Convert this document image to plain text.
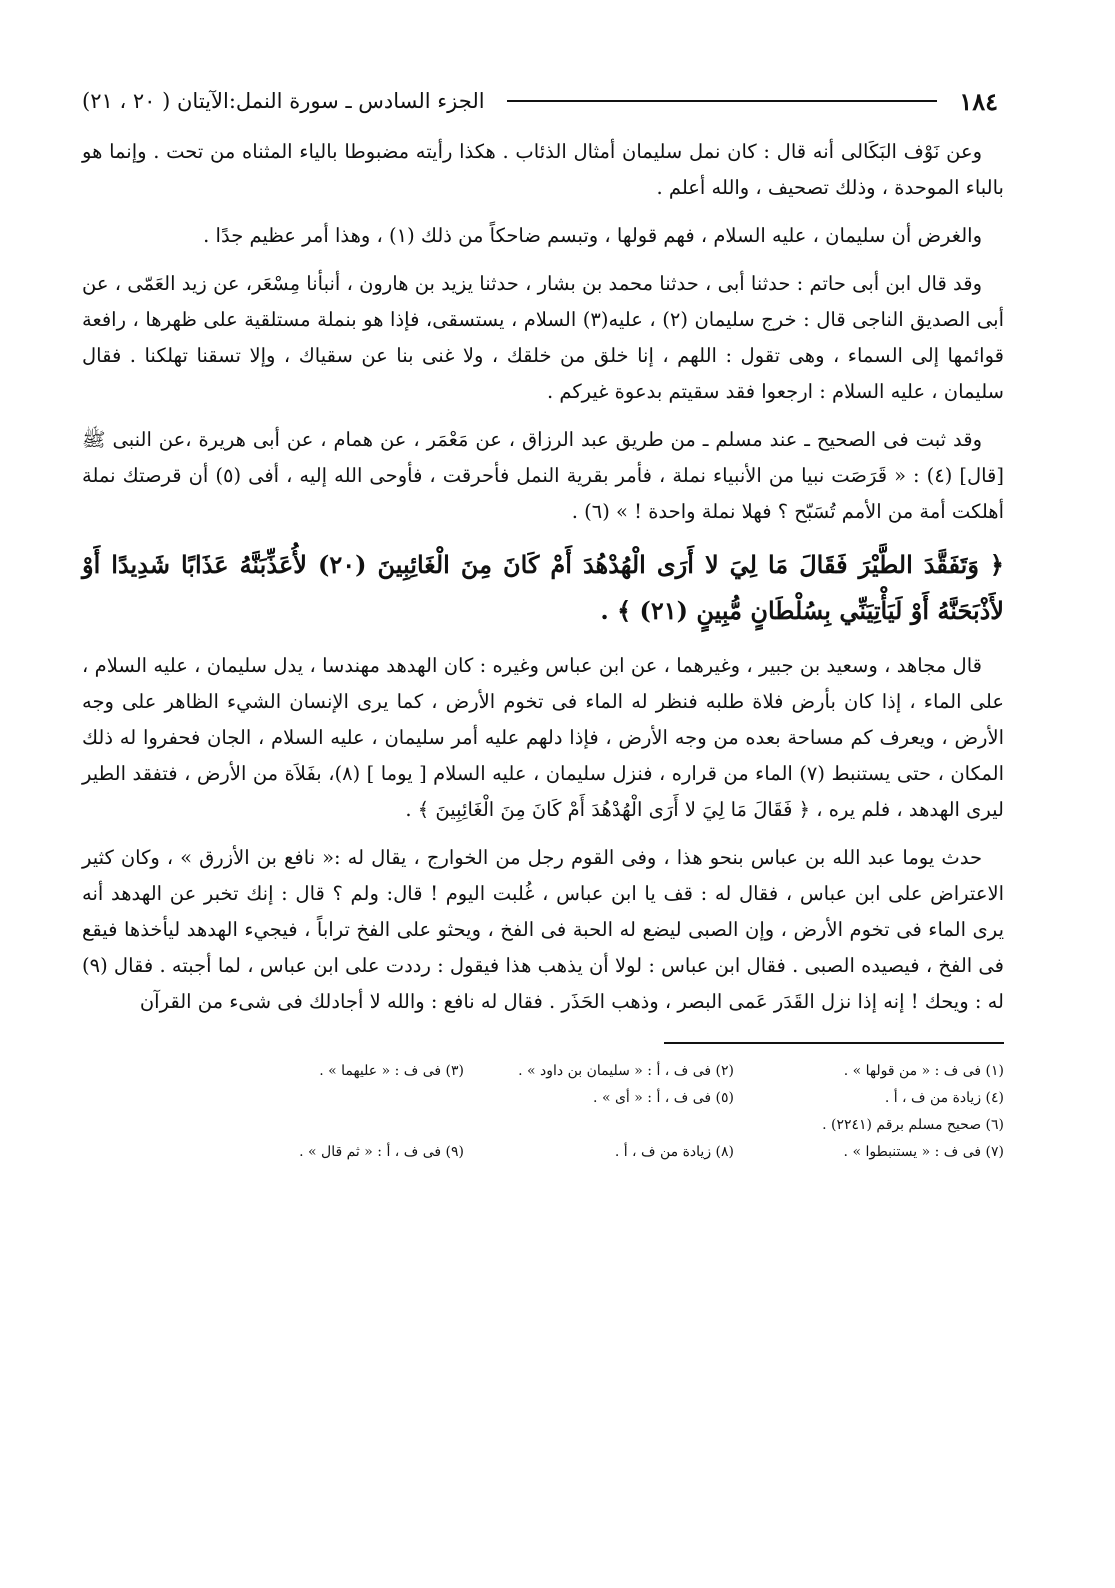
١٨٤
الجزء السادس ـ سورة النمل:الآيتان ( ٢٠ ، ٢١)

وعن نَوْف البَكَالى أنه قال : كان نمل سليمان أمثال الذئاب . هكذا رأيته مضبوطا بالياء المثناه من تحت . وإنما هو بالباء الموحدة ، وذلك تصحيف ، والله أعلم .

والغرض أن سليمان ، عليه السلام ، فهم قولها ، وتبسم ضاحكاً من ذلك (١) ، وهذا أمر عظيم جدًا .

وقد قال ابن أبى حاتم : حدثنا أبى ، حدثنا محمد بن بشار ، حدثنا يزيد بن هارون ، أنبأنا مِسْعَر، عن زيد العَمّى ، عن أبى الصديق الناجى قال : خرج سليمان (٢) ، عليه(٣) السلام ، يستسقى، فإذا هو بنملة مستلقية على ظهرها ، رافعة قوائمها إلى السماء ، وهى تقول : اللهم ، إنا خلق من خلقك ، ولا غنى بنا عن سقياك ، وإلا تسقنا تهلكنا . فقال سليمان ، عليه السلام : ارجعوا فقد سقيتم بدعوة غيركم .

وقد ثبت فى الصحيح ـ عند مسلم ـ من طريق عبد الرزاق ، عن مَعْمَر ، عن همام ، عن أبى هريرة ،عن النبى ﷺ [قال] (٤) : « قَرَصَت نبيا من الأنبياء نملة ، فأمر بقرية النمل فأحرقت ، فأوحى الله إليه ، أفى (٥) أن قرصتك نملة أهلكت أمة من الأمم تُسَبّح ؟ فهلا نملة واحدة ! » (٦) .

﴿ وَتَفَقَّدَ الطَّيْرَ فَقَالَ مَا لِيَ لا أَرَى الْهُدْهُدَ أَمْ كَانَ مِنَ الْغَائِبِينَ (٢٠) لأُعَذِّبَنَّهُ عَذَابًا شَدِيدًا أَوْ لأَذْبَحَنَّهُ أَوْ لَيَأْتِيَنِّي بِسُلْطَانٍ مُّبِينٍ (٢١) ﴾ .

قال مجاهد ، وسعيد بن جبير ، وغيرهما ، عن ابن عباس وغيره : كان الهدهد مهندسا ، يدل سليمان ، عليه السلام ، على الماء ، إذا كان بأرض فلاة طلبه فنظر له الماء فى تخوم الأرض ، كما يرى الإنسان الشيء الظاهر على وجه الأرض ، ويعرف كم مساحة بعده من وجه الأرض ، فإذا دلهم عليه أمر سليمان ، عليه السلام ، الجان فحفروا له ذلك المكان ، حتى يستنبط (٧) الماء من قراره ، فنزل سليمان ، عليه السلام [ يوما ] (٨)، بفَلاَة من الأرض ، فتفقد الطير ليرى الهدهد ، فلم يره ، ﴿ فَقَالَ مَا لِيَ لا أَرَى الْهُدْهُدَ أَمْ كَانَ مِنَ الْغَائِبِينَ ﴾ .

حدث يوما عبد الله بن عباس بنحو هذا ، وفى القوم رجل من الخوارج ، يقال له :« نافع بن الأزرق » ، وكان كثير الاعتراض على ابن عباس ، فقال له : قف يا ابن عباس ، غُلبت اليوم ! قال: ولم ؟ قال : إنك تخبر عن الهدهد أنه يرى الماء فى تخوم الأرض ، وإن الصبى ليضع له الحبة فى الفخ ، ويحثو على الفخ تراباً ، فيجيء الهدهد ليأخذها فيقع فى الفخ ، فيصيده الصبى . فقال ابن عباس : لولا أن يذهب هذا فيقول : رددت على ابن عباس ، لما أجبته . فقال (٩) له : ويحك ! إنه إذا نزل القَدَر عَمى البصر ، وذهب الحَذَر . فقال له نافع : والله لا أجادلك فى شىء من القرآن

(١) فى ف : « من قولها » .
(٢) فى ف ، أ : « سليمان بن داود » .
(٣) فى ف : « عليهما » .
(٤) زيادة من ف ، أ .
(٥) فى ف ، أ : « أى » .
(٦) صحيح مسلم برقم (٢٢٤١) .
(٧) فى ف : « يستنبطوا » .
(٨) زيادة من ف ، أ .
(٩) فى ف ، أ : « ثم قال » .
